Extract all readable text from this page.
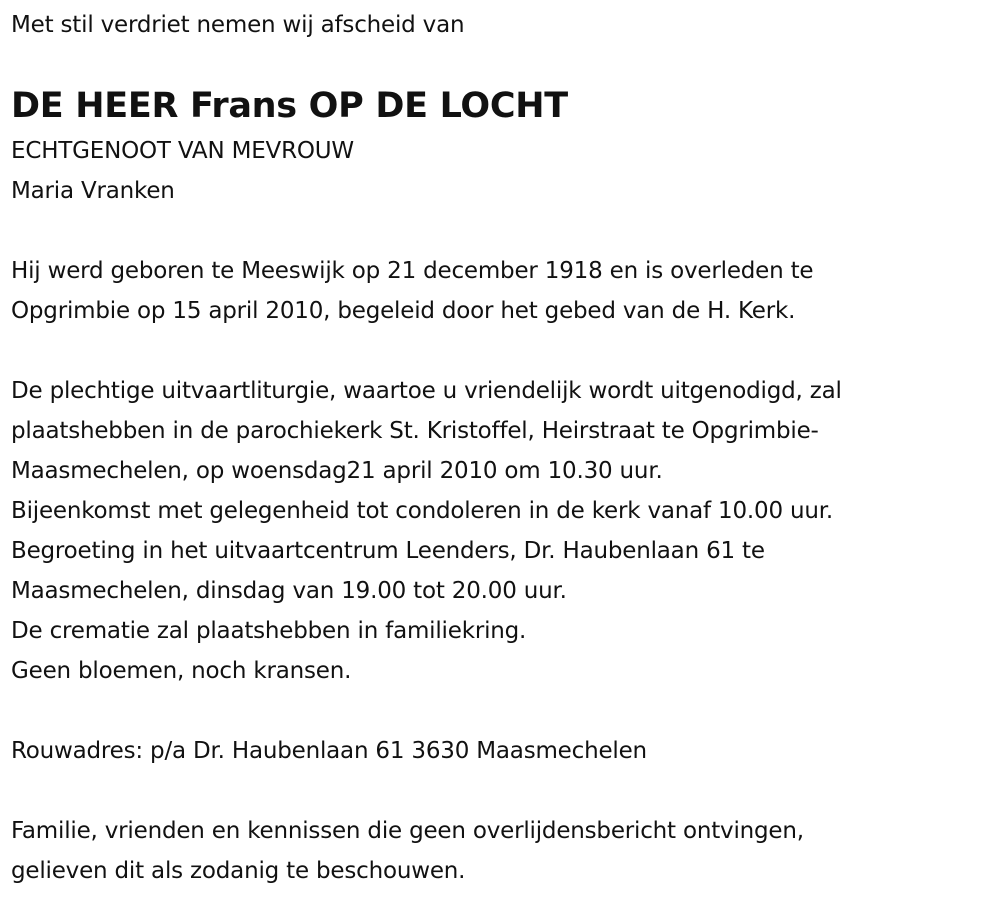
Met stil verdriet nemen wij afscheid van
DE HEER Frans OP DE LOCHT
ECHTGENOOT VAN MEVROUW
Maria Vranken
Hij werd geboren te Meeswijk op 21 december 1918 en is overleden te
Opgrimbie op 15 april 2010, begeleid door het gebed van de H. Kerk.
De plechtige uitvaartliturgie, waartoe u vriendelijk wordt uitgenodigd, zal
plaatshebben in de parochiekerk St. Kristoffel, Heirstraat te Opgrimbie-
Maasmechelen, op woensdag21 april 2010 om 10.30 uur.
Bijeenkomst met gelegenheid tot condoleren in de kerk vanaf 10.00 uur.
Begroeting in het uitvaartcentrum Leenders, Dr. Haubenlaan 61 te
Maasmechelen, dinsdag van 19.00 tot 20.00 uur.
De crematie zal plaatshebben in familiekring.
Geen bloemen, noch kransen.
Rouwadres: p/a Dr. Haubenlaan 61 3630 Maasmechelen
Familie, vrienden en kennissen die geen overlijdensbericht ontvingen,
gelieven dit als zodanig te beschouwen.
